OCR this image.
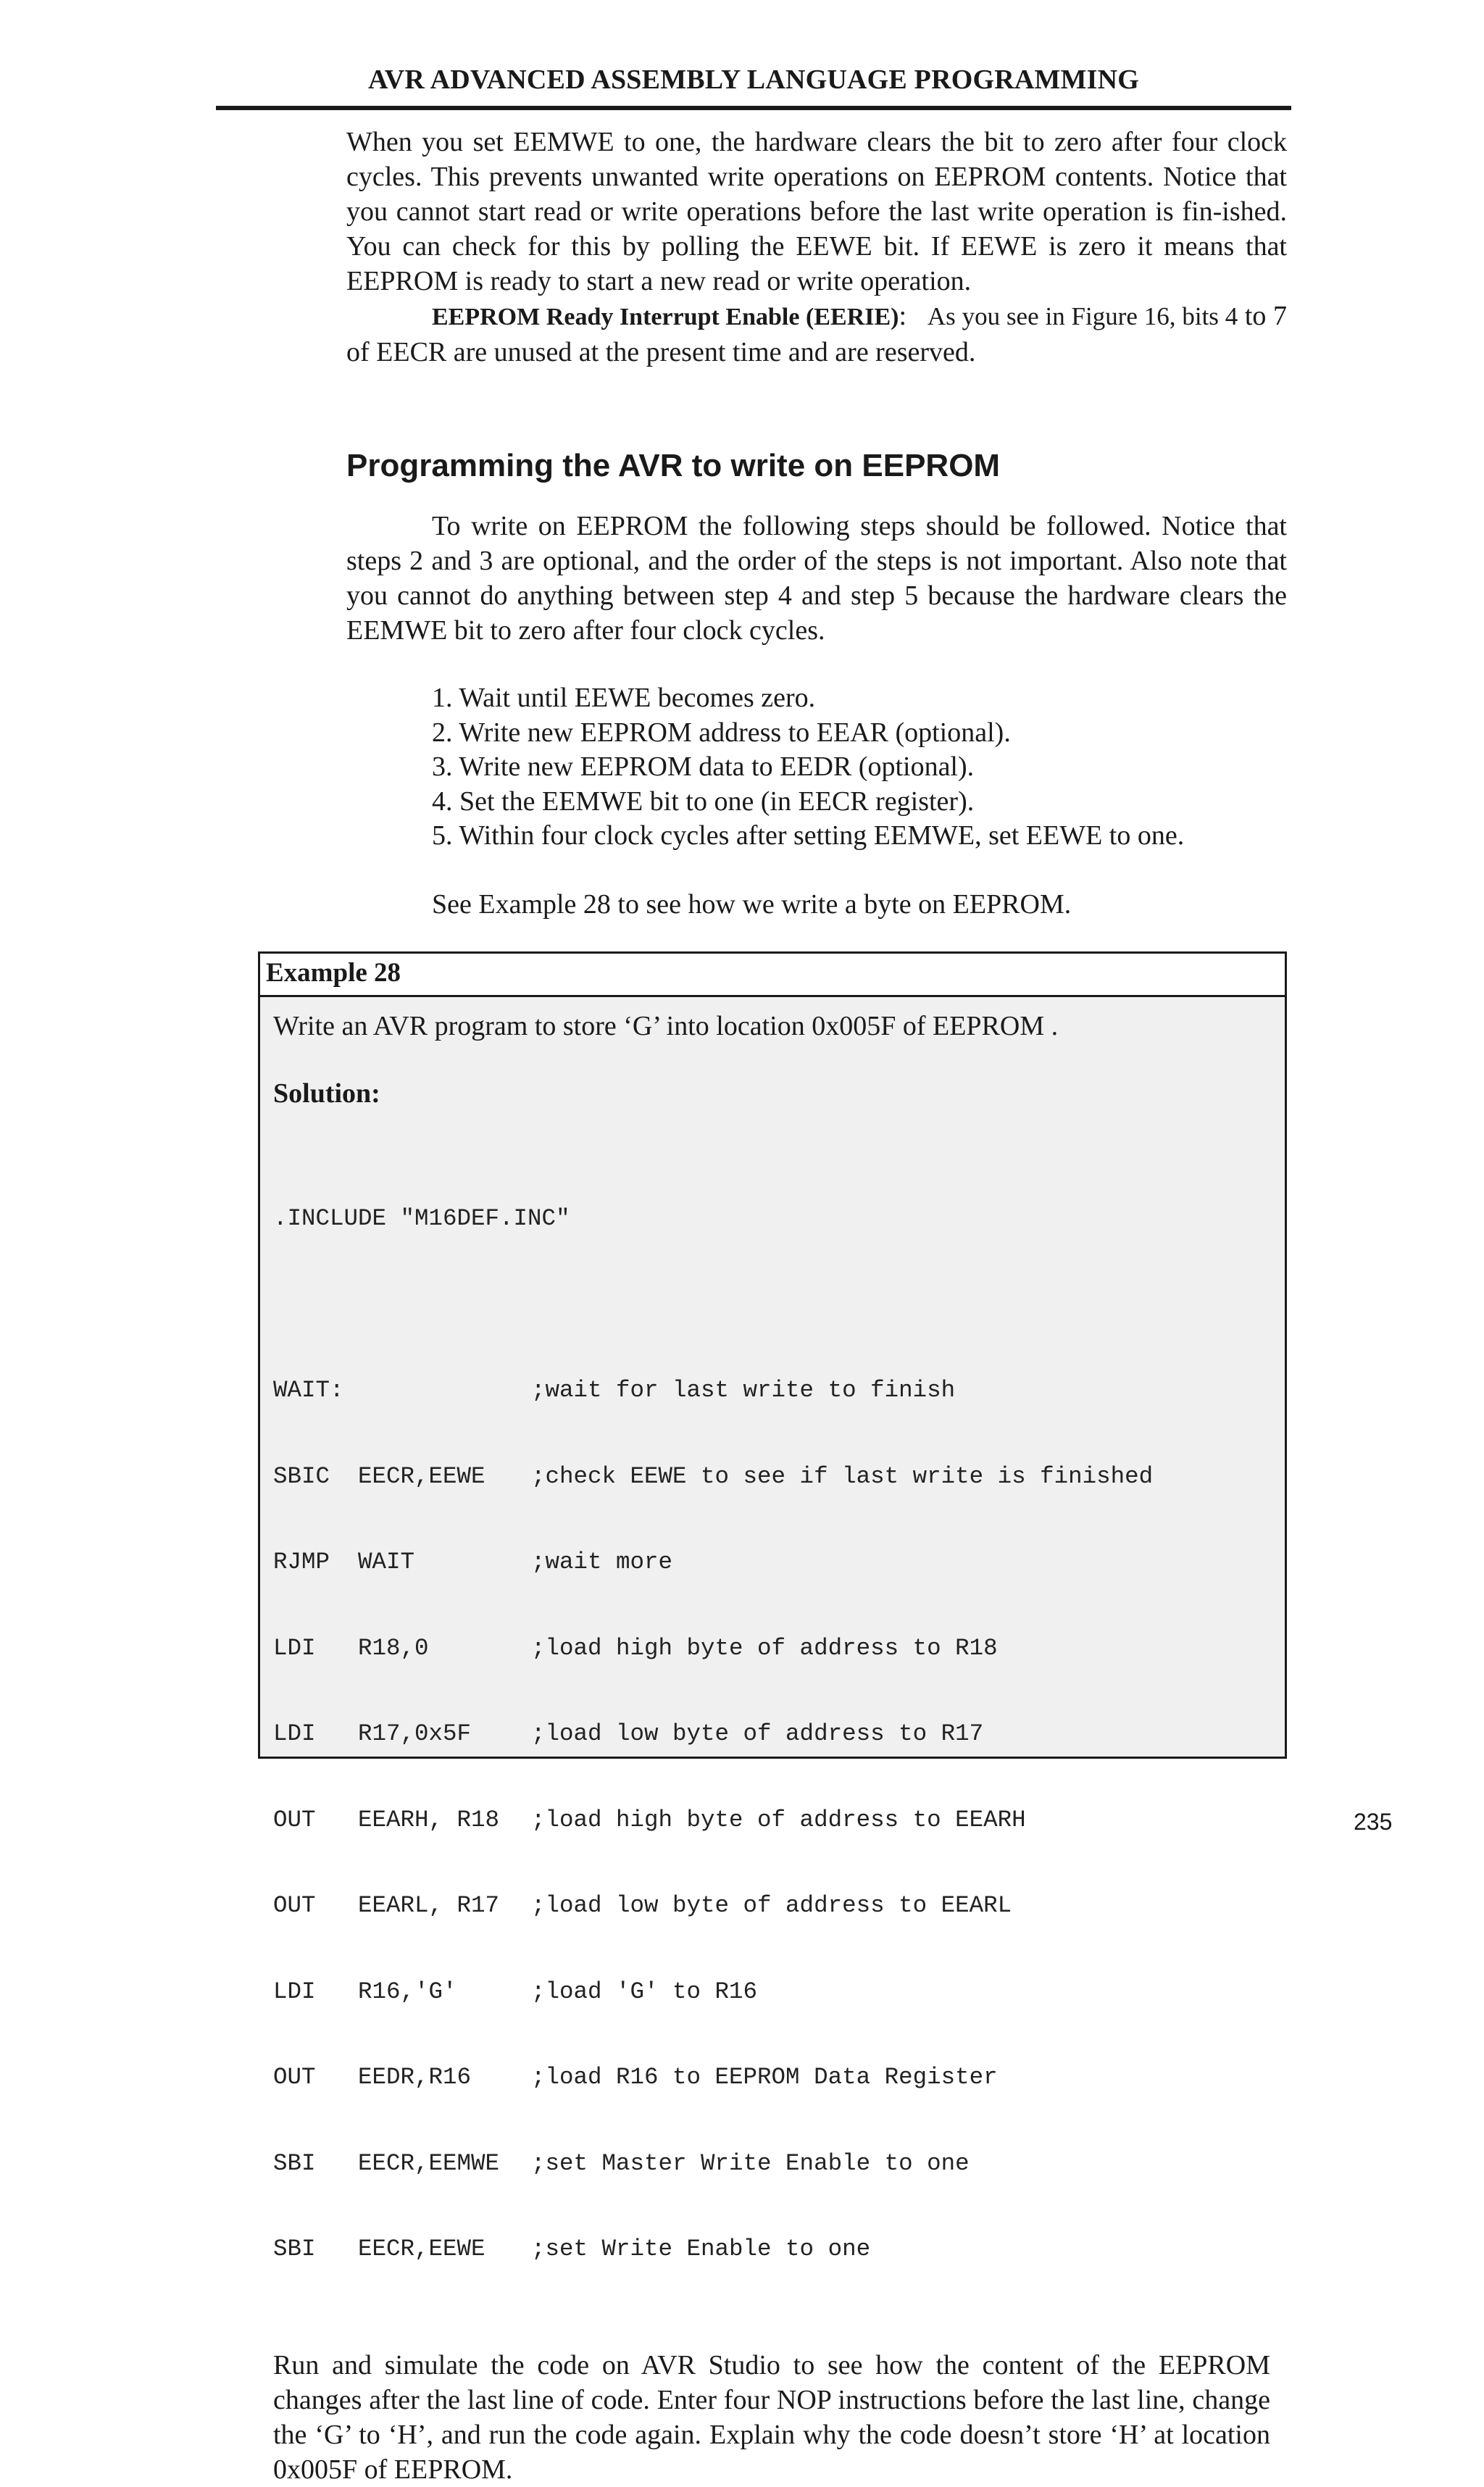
AVR ADVANCED ASSEMBLY LANGUAGE PROGRAMMING
When you set EEMWE to one, the hardware clears the bit to zero after four clock cycles. This prevents unwanted write operations on EEPROM contents. Notice that you cannot start read or write operations before the last write operation is fin-ished. You can check for this by polling the EEWE bit. If EEWE is zero it means that EEPROM is ready to start a new read or write operation.
EEPROM Ready Interrupt Enable (EERIE): As you see in Figure 16, bits 4 to 7 of EECR are unused at the present time and are reserved.
Programming the AVR to write on EEPROM
To write on EEPROM the following steps should be followed. Notice that steps 2 and 3 are optional, and the order of the steps is not important. Also note that you cannot do anything between step 4 and step 5 because the hardware clears the EEMWE bit to zero after four clock cycles.
1. Wait until EEWE becomes zero.
2. Write new EEPROM address to EEAR (optional).
3. Write new EEPROM data to EEDR (optional).
4. Set the EEMWE bit to one (in EECR register).
5. Within four clock cycles after setting EEMWE, set EEWE to one.
See Example 28 to see how we write a byte on EEPROM.
Example 28
Write an AVR program to store ‘G’ into location 0x005F of EEPROM .
Solution:

.INCLUDE "M16DEF.INC"

WAIT:	;wait for last write to finish

SBIC EECR,EEWE ;check EEWE to see if last write is finished

RJMP WAIT	;wait more

LDI R18,0	;load high byte of address to R18

LDI R17,0x5F	;load low byte of address to R17

OUT EEARH, R18 ;load high byte of address to EEARH

OUT EEARL, R17 ;load low byte of address to EEARL

LDI R16,'G'	;load 'G' to R16

OUT EEDR,R16	;load R16 to EEPROM Data Register

SBI EECR,EEMWE ;set Master Write Enable to one

SBI EECR,EEWE ;set Write Enable to one

Run and simulate the code on AVR Studio to see how the content of the EEPROM changes after the last line of code. Enter four NOP instructions before the last line, change the ‘G’ to ‘H’, and run the code again. Explain why the code doesn’t store ‘H’ at location 0x005F of EEPROM.
235
